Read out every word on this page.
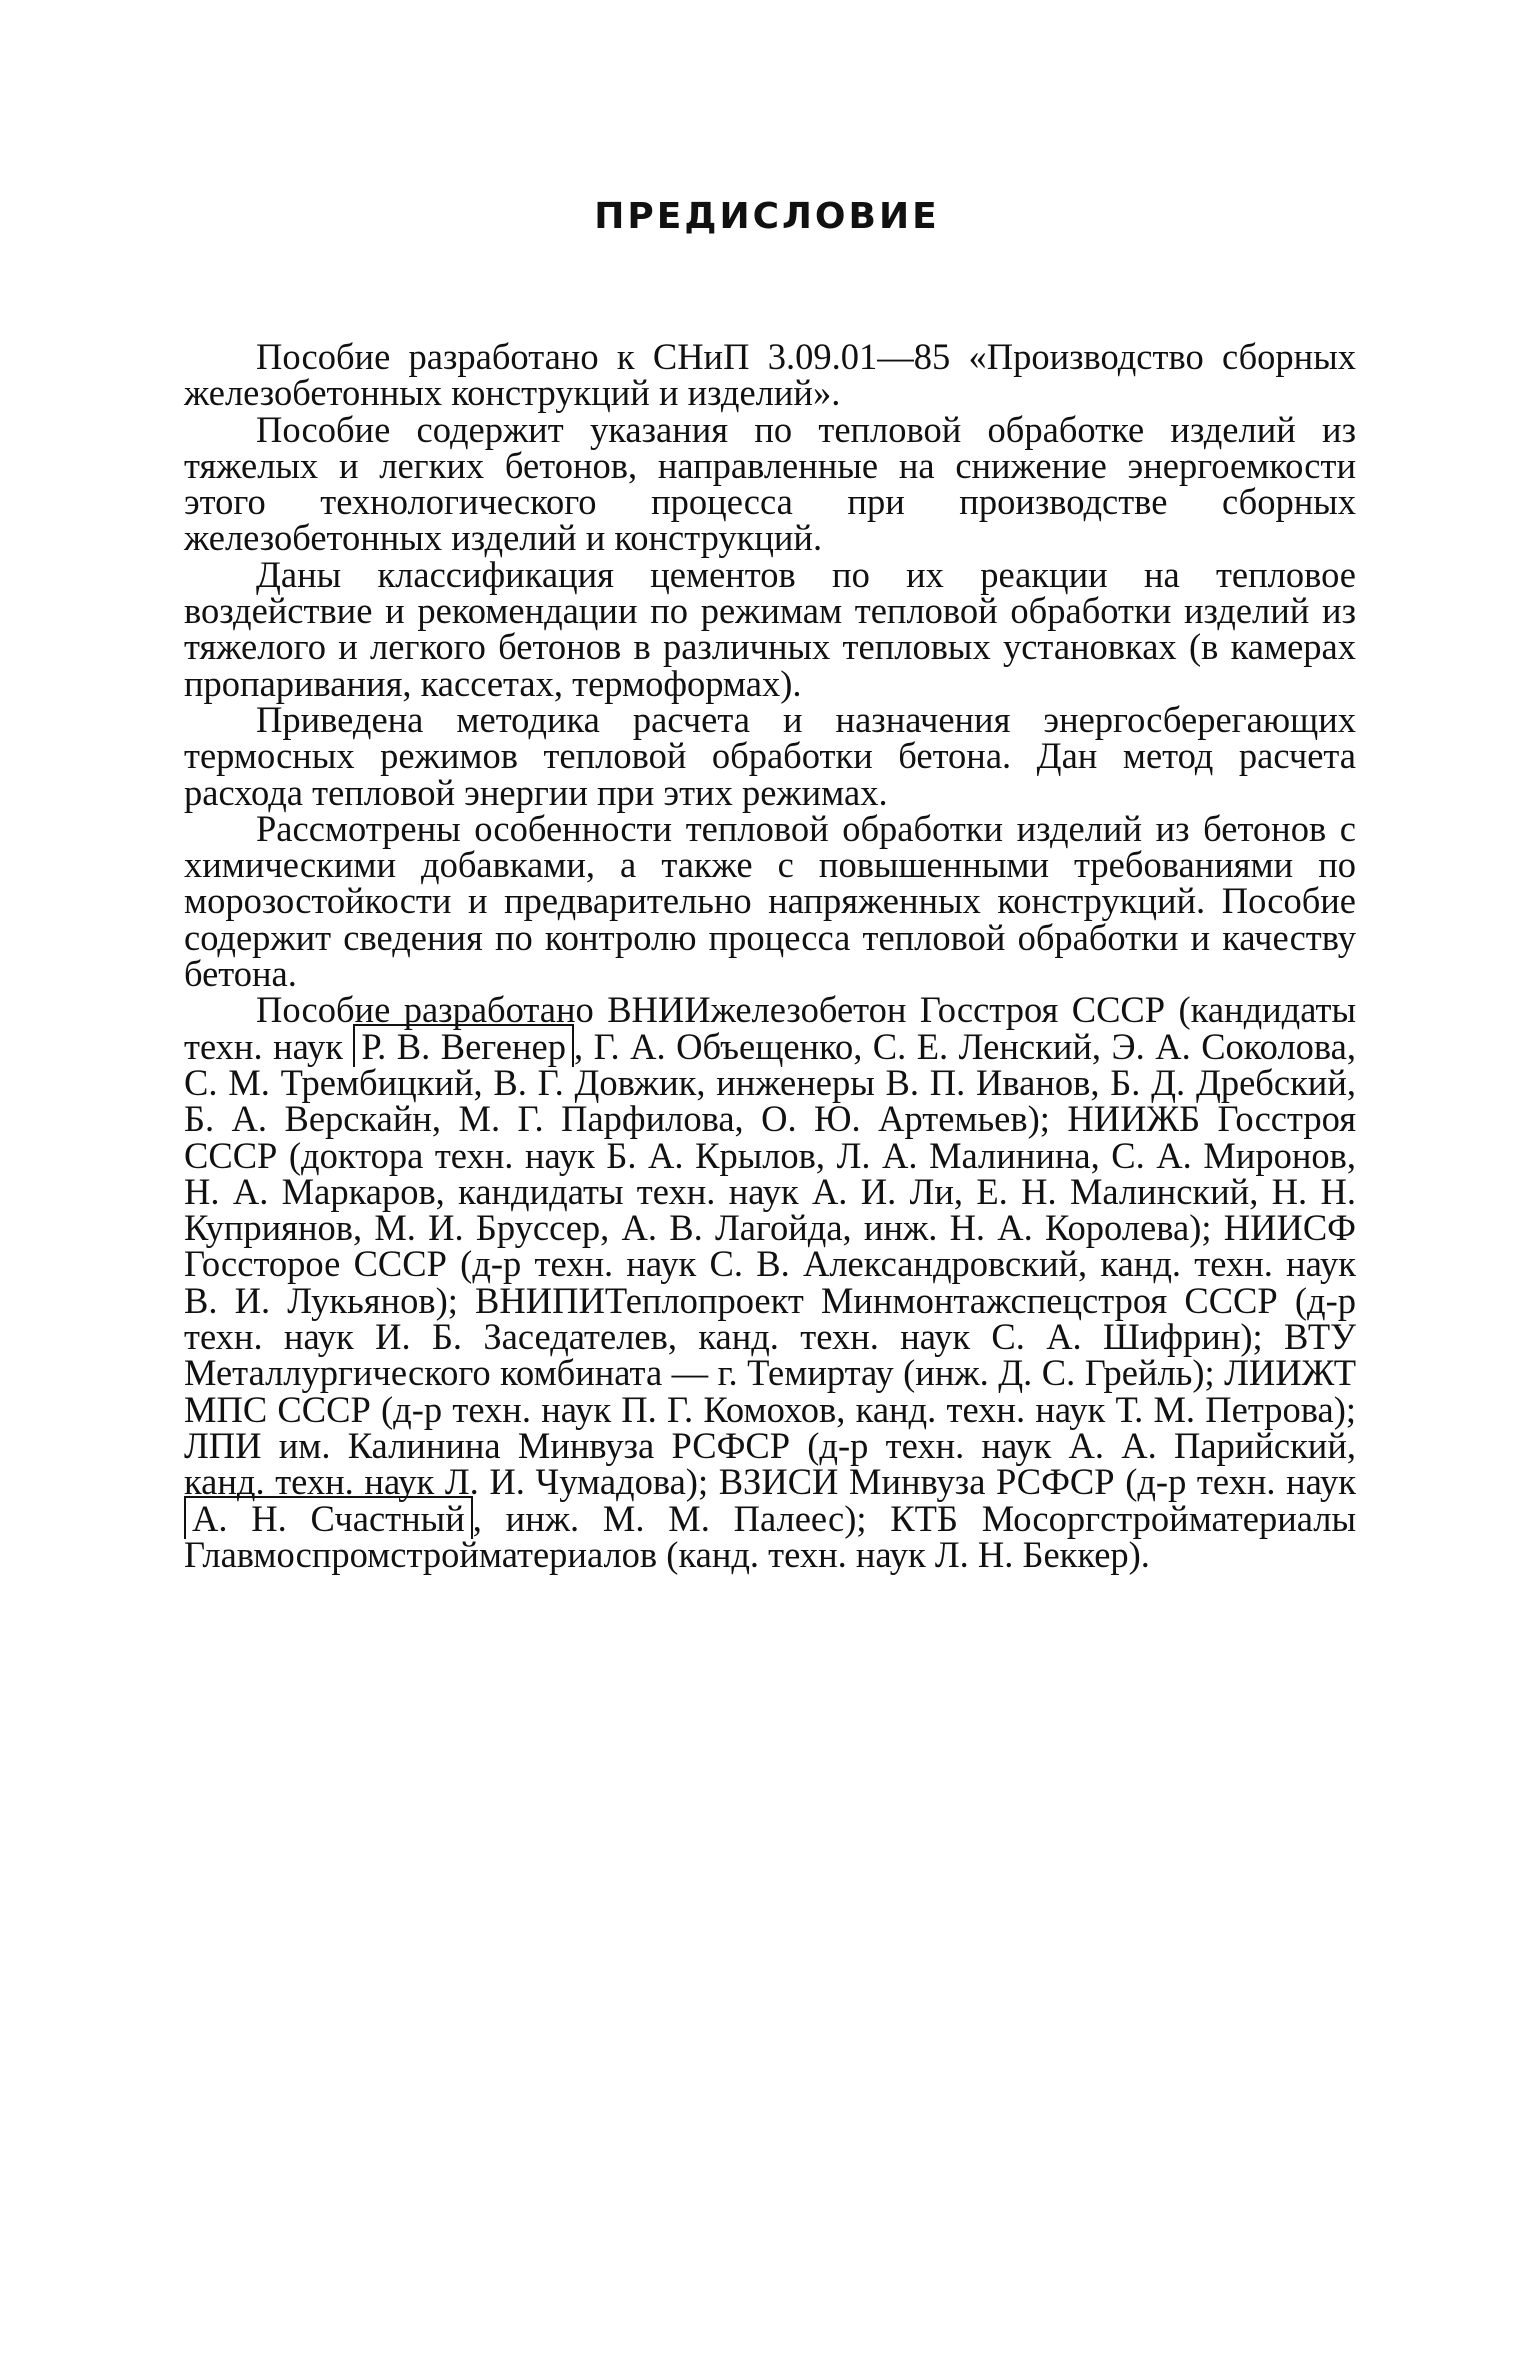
ПРЕДИСЛОВИЕ

Пособие разработано к СНиП 3.09.01—85 «Производство сборных железобетонных конструкций и изделий».

Пособие содержит указания по тепловой обработке изделий из тяжелых и легких бетонов, направленные на снижение энергоемкости этого технологического процесса при производстве сборных железобетонных изделий и конструкций.

Даны классификация цементов по их реакции на тепловое воздействие и рекомендации по режимам тепловой обработки изделий из тяжелого и легкого бетонов в различных тепловых установках (в камерах пропаривания, кассетах, термоформах).

Приведена методика расчета и назначения энергосберегающих термосных режимов тепловой обработки бетона. Дан метод расчета расхода тепловой энергии при этих режимах.

Рассмотрены особенности тепловой обработки изделий из бетонов с химическими добавками, а также с повышенными требованиями по морозостойкости и предварительно напряженных конструкций. Пособие содержит сведения по контролю процесса тепловой обработки и качеству бетона.

Пособие разработано ВНИИжелезобетон Госстроя СССР (кандидаты техн. наук Р. В. Вегенер , Г. А. Объещенко, С. Е. Ленский, Э. А. Соколова, С. М. Трембицкий, В. Г. Довжик, инженеры В. П. Иванов, Б. Д. Дребский, Б. А. Верскайн, М. Г. Парфилова, О. Ю. Артемьев); НИИЖБ Госстроя СССР (доктора техн. наук Б. А. Крылов, Л. А. Малинина, С. А. Миронов, Н. А. Маркаров, кандидаты техн. наук А. И. Ли, Е. Н. Малинский, Н. Н. Куприянов, М. И. Бруссер, А. В. Лагойда, инж. Н. А. Королева); НИИСФ Госсторое СССР (д-р техн. наук С. В. Александровский, канд. техн. наук В. И. Лукьянов); ВНИПИТеплопроект Минмонтажспецстроя СССР (д-р техн. наук И. Б. Заседателев, канд. техн. наук С. А. Шифрин); ВТУ Металлургического комбината — г. Темиртау (инж. Д. С. Грейль); ЛИИЖТ МПС СССР (д-р техн. наук П. Г. Комохов, канд. техн. наук Т. М. Петрова); ЛПИ им. Калинина Минвуза РСФСР (д-р техн. наук А. А. Парийский, канд. техн. наук Л. И. Чумадова); ВЗИСИ Минвуза РСФСР (д-р техн. наук А. Н. Счастный , инж. М. М. Палеес); КТБ Мосоргстройматериалы Главмоспромстройматериалов (канд. техн. наук Л. Н. Беккер).
